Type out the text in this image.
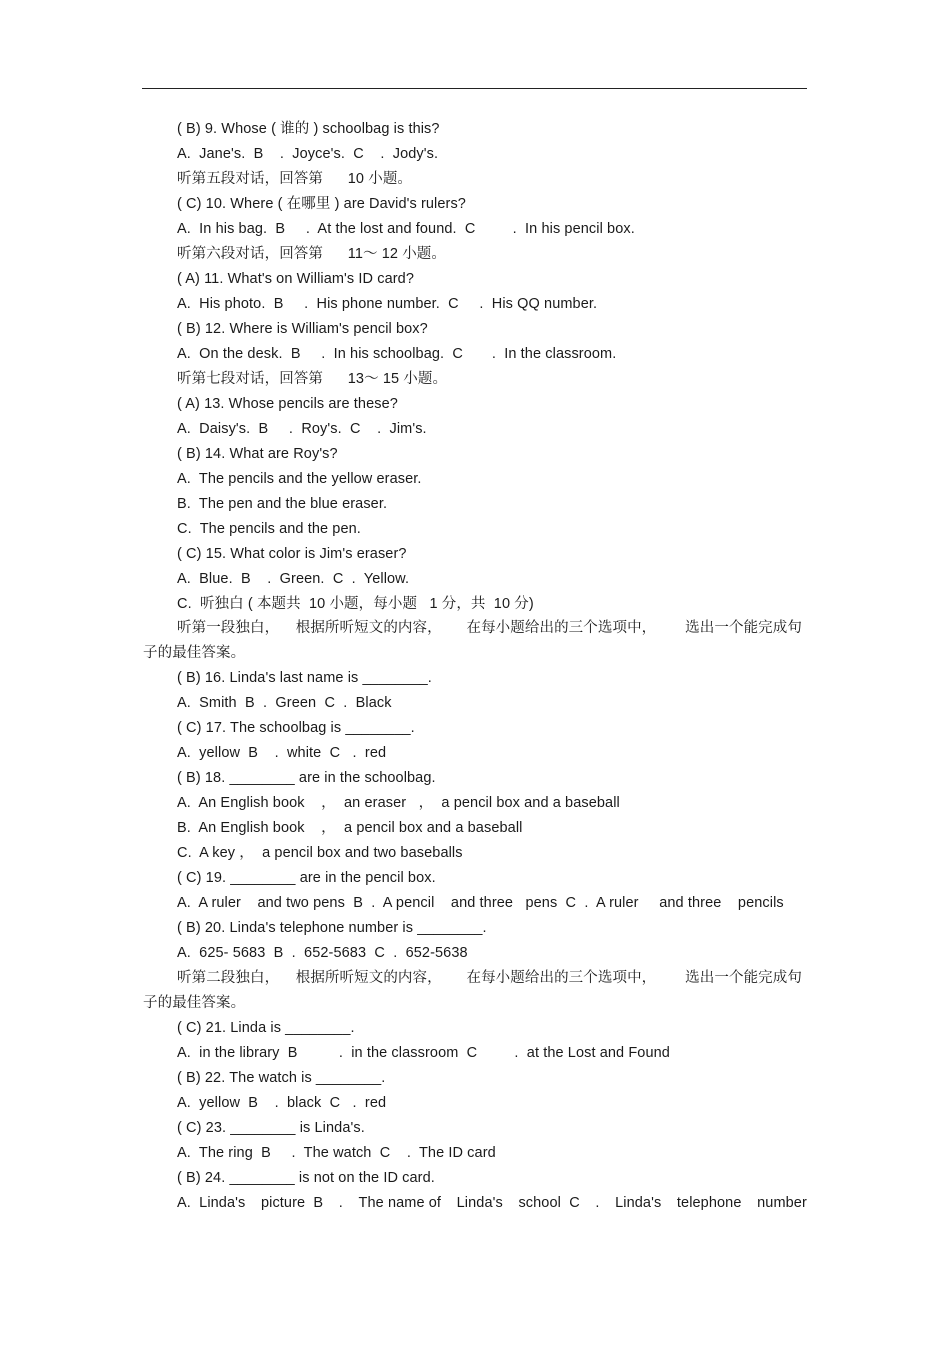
( B) 9. Whose ( 谁的 ) schoolbag is this?
A.  Jane's.  B    .  Joyce's.  C    .  Jody's.
听第五段对话，回答第      10 小题。
( C) 10. Where ( 在哪里 ) are David's rulers?
A.  In his bag.  B     .  At the lost and found.  C         .  In his pencil box.
听第六段对话，回答第      11～ 12 小题。
( A) 11. What's on William's ID card?
A.  His photo.  B     .  His phone number.  C     .  His QQ number.
( B) 12. Where is William's pencil box?
A.  On the desk.  B     .  In his schoolbag.  C       .  In the classroom.
听第七段对话，回答第      13～ 15 小题。
( A) 13. Whose pencils are these?
A.  Daisy's.  B     .  Roy's.  C    .  Jim's.
( B) 14. What are Roy's?
A.  The pencils and the yellow eraser.
B.  The pen and the blue eraser.
C.  The pencils and the pen.
( C) 15. What color is Jim's eraser?
A.  Blue.  B    .  Green.  C  .  Yellow.
C.  听独白 ( 本题共  10 小题，每小题   1 分，共  10 分)
听第一段独白，    根据所听短文的内容，      在每小题给出的三个选项中，       选出一个能完成句
子的最佳答案。
( B) 16. Linda's last name is ________.
A.  Smith  B  .  Green  C  .  Black
( C) 17. The schoolbag is ________.
A.  yellow  B    .  white  C   .  red
( B) 18. ________ are in the schoolbag.
A.  An English book    ，  an eraser   ，  a pencil box and a baseball
B.  An English book    ，  a pencil box and a baseball
C.  A key ，  a pencil box and two baseballs
( C) 19. ________ are in the pencil box.
A.  A ruler    and two pens  B  .  A pencil    and three   pens  C  .  A ruler     and three    pencils
( B) 20. Linda's telephone number is ________.
A.  625- 5683  B  .  652-5683  C  .  652-5638
听第二段独白，    根据所听短文的内容，      在每小题给出的三个选项中，       选出一个能完成句
子的最佳答案。
( C) 21. Linda is ________.
A.  in the library  B          .  in the classroom  C         .  at the Lost and Found
( B) 22. The watch is ________.
A.  yellow  B    .  black  C   .  red
( C) 23. ________ is Linda's.
A.  The ring  B     .  The watch  C    .  The ID card
( B) 24. ________ is not on the ID card.
A.  Linda's picture  B . The name of Linda's school  C . Linda's telephone number
